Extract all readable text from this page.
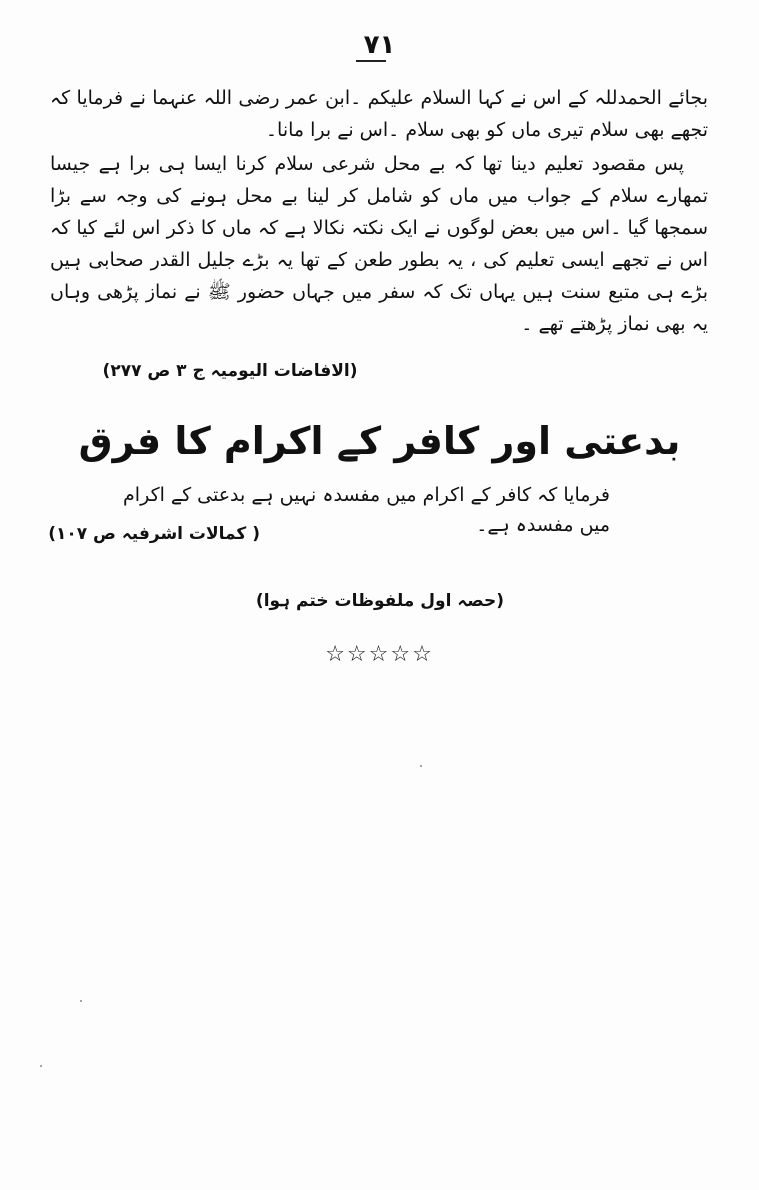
۷۱
بجائے الحمدللہ کے اس نے کہا السلام علیکم ۔ابن عمر رضی اللہ عنہما نے فرمایا کہ تجھے بھی سلام تیری ماں کو بھی سلام ۔اس نے برا مانا۔
پس مقصود تعلیم دینا تھا کہ بے محل شرعی سلام کرنا ایسا ہی برا ہے جیسا تمھارے سلام کے جواب میں ماں کو شامل کر لینا بے محل ہونے کی وجہ سے بڑا سمجھا گیا ۔اس میں بعض لوگوں نے ایک نکتہ نکالا ہے کہ ماں کا ذکر اس لئے کیا کہ اس نے تجھے ایسی تعلیم کی ، یہ بطور طعن کے تھا یہ بڑے جلیل القدر صحابی ہیں بڑے ہی متبع سنت ہیں یہاں تک کہ سفر میں جہاں حضور ﷺ نے نماز پڑھی وہاں یہ بھی نماز پڑھتے تھے ۔
(الافاضات الیومیہ ج ۳ ص ۲۷۷)
بدعتی اور کافر کے اکرام کا فرق
فرمایا کہ کافر کے اکرام میں مفسدہ نہیں ہے بدعتی کے اکرام میں مفسدہ ہے۔
( کمالات اشرفیہ ص ۱۰۷)
(حصہ اول ملفوظات ختم ہوا)
☆☆☆☆☆
